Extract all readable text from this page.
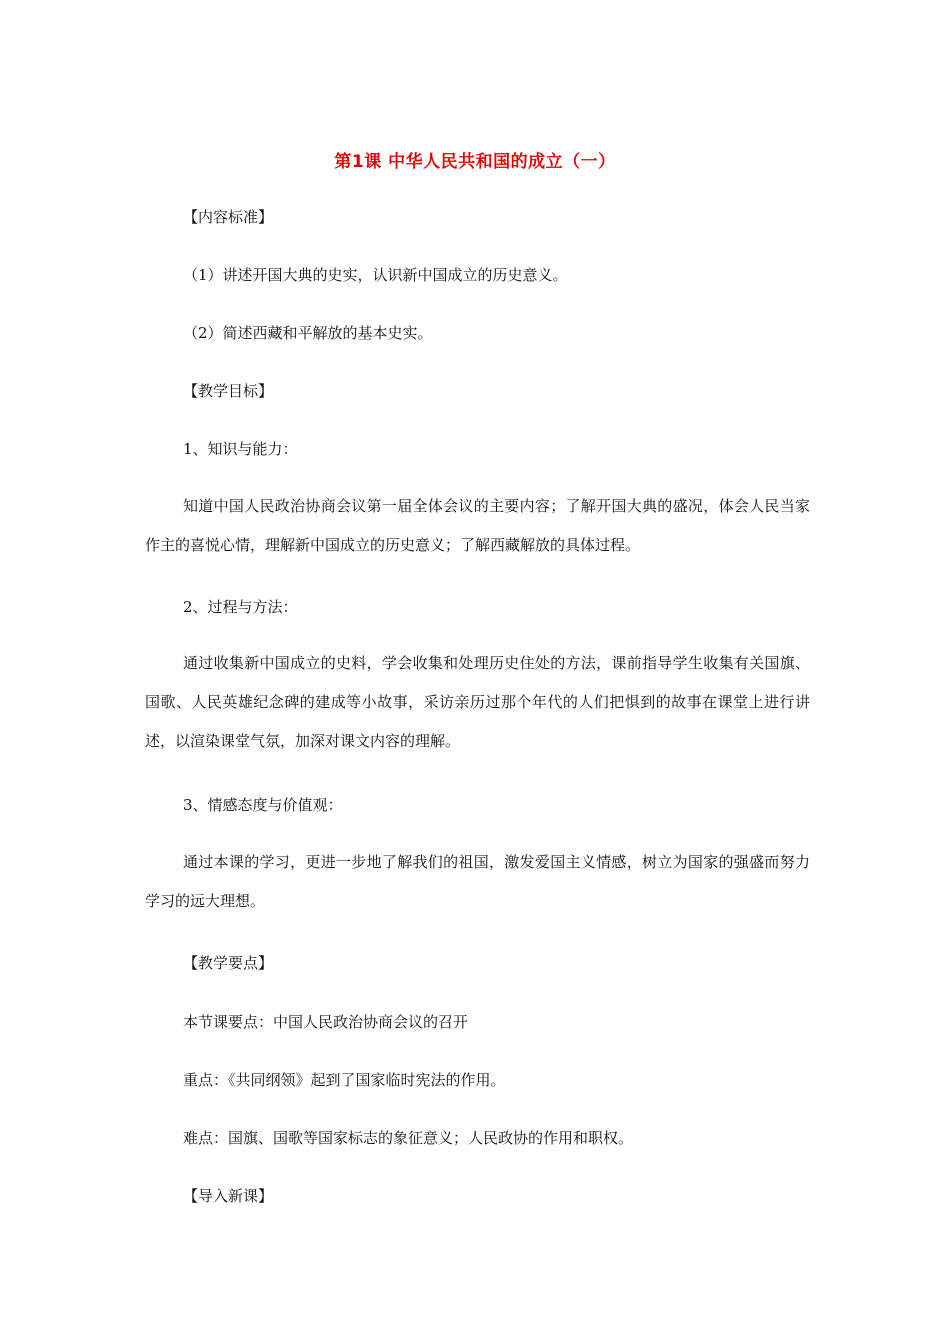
第1课 中华人民共和国的成立（一）
【内容标准】
（1）讲述开国大典的史实，认识新中国成立的历史意义。
（2）简述西藏和平解放的基本史实。
【教学目标】
1、知识与能力：

知道中国人民政治协商会议第一届全体会议的主要内容；了解开国大典的盛况，体会人民当家作主的喜悦心情，理解新中国成立的历史意义；了解西藏解放的具体过程。

2、过程与方法：

通过收集新中国成立的史料，学会收集和处理历史住处的方法，课前指导学生收集有关国旗、国歌、人民英雄纪念碑的建成等小故事，采访亲历过那个年代的人们把惧到的故事在课堂上进行讲述，以渲染课堂气氛，加深对课文内容的理解。

3、情感态度与价值观：

通过本课的学习，更进一步地了解我们的祖国，激发爱国主义情感，树立为国家的强盛而努力学习的远大理想。

【教学要点】
本节课要点：中国人民政治协商会议的召开
重点：《共同纲领》起到了国家临时宪法的作用。
难点：国旗、国歌等国家标志的象征意义；人民政协的作用和职权。
【导入新课】
